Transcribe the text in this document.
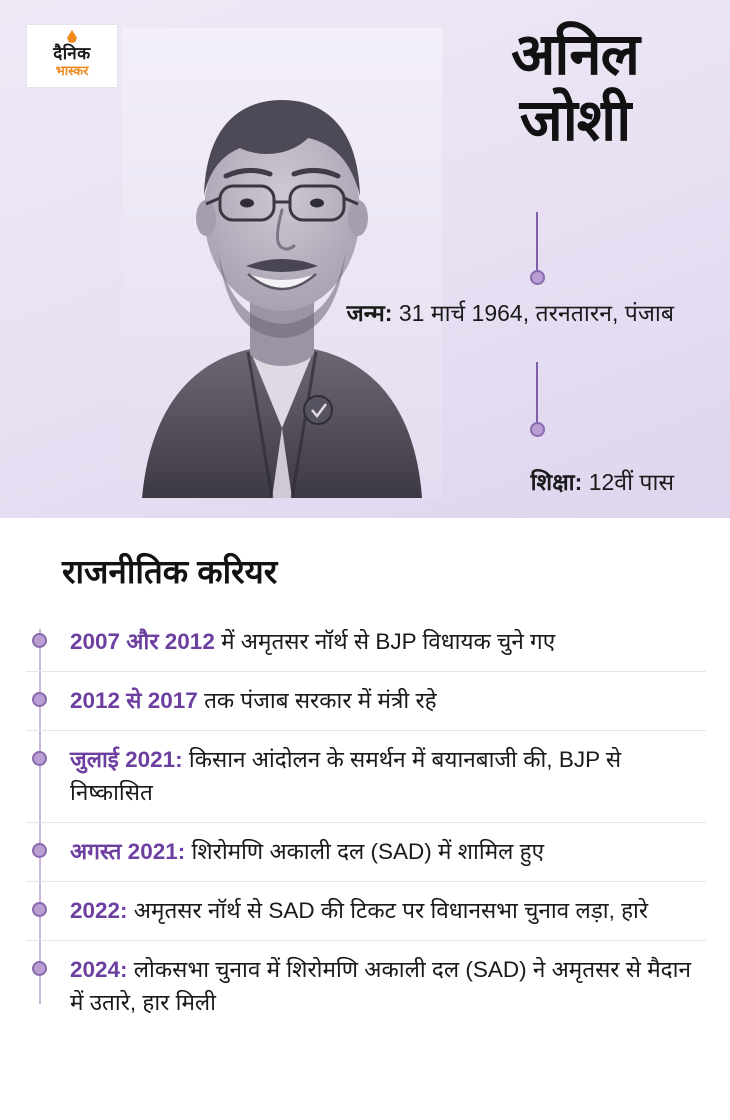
दैनिक
भास्कर	अनिल
जोशी
जन्म: 31 मार्च 1964, तरनतारन, पंजाब
शिक्षा: 12वीं पास
राजनीतिक करियर
2007 और 2012 में अमृतसर नॉर्थ से BJP विधायक चुने गए
2012 से 2017 तक पंजाब सरकार में मंत्री रहे
जुलाई 2021: किसान आंदोलन के समर्थन में बयानबाजी की, BJP से निष्कासित
अगस्त 2021: शिरोमणि अकाली दल (SAD) में शामिल हुए
2022: अमृतसर नॉर्थ से SAD की टिकट पर विधानसभा चुनाव लड़ा, हारे
2024: लोकसभा चुनाव में शिरोमणि अकाली दल (SAD) ने अमृतसर से मैदान में उतारे, हार मिली
